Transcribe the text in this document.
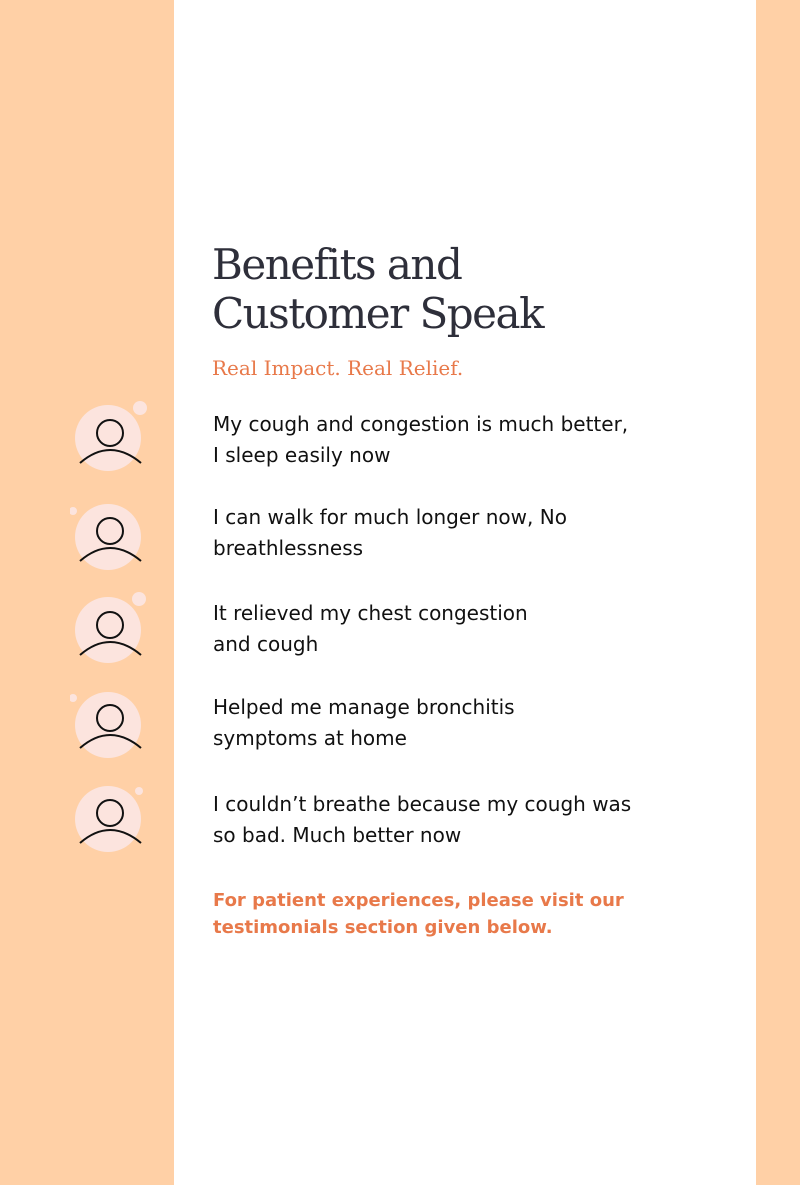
Benefits and
Customer Speak

Real Impact. Real Relief.

My cough and congestion is much better,
I sleep easily now

I can walk for much longer now, No
breathlessness

It relieved my chest congestion
and cough

Helped me manage bronchitis
symptoms at home

I couldn’t breathe because my cough was
so bad. Much better now

For patient experiences, please visit our
testimonials section given below.
